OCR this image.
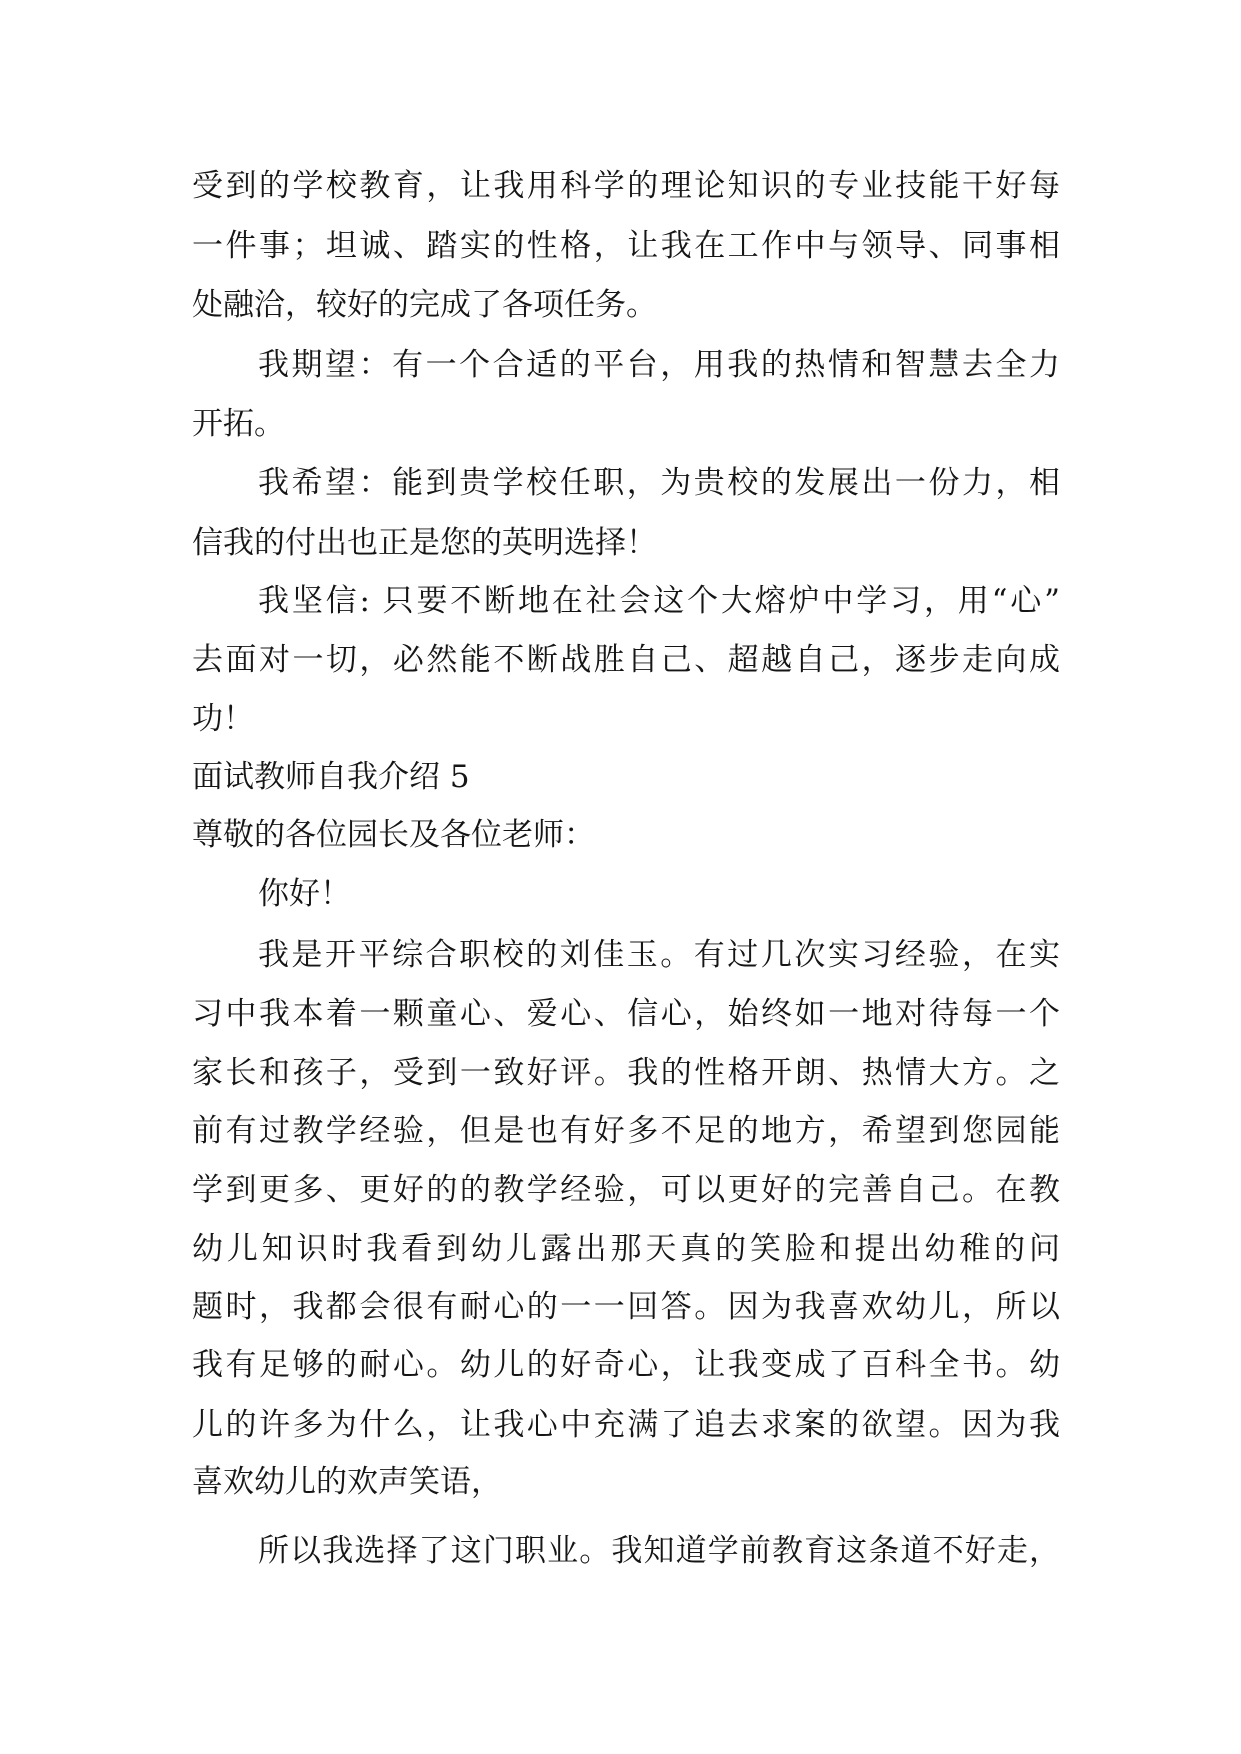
受到的学校教育，让我用科学的理论知识的专业技能干好每
一件事；坦诚、踏实的性格，让我在工作中与领导、同事相
处融洽，较好的完成了各项任务。
我期望：有一个合适的平台，用我的热情和智慧去全力
开拓。
我希望：能到贵学校任职，为贵校的发展出一份力，相
信我的付出也正是您的英明选择！
我坚信: 只要不断地在社会这个大熔炉中学习，用“心”
去面对一切，必然能不断战胜自己、超越自己，逐步走向成
功！
面试教师自我介绍 5
尊敬的各位园长及各位老师：
你好！
我是开平综合职校的刘佳玉。有过几次实习经验，在实
习中我本着一颗童心、爱心、信心，始终如一地对待每一个
家长和孩子，受到一致好评。我的性格开朗、热情大方。之
前有过教学经验，但是也有好多不足的地方，希望到您园能
学到更多、更好的的教学经验，可以更好的完善自己。在教
幼儿知识时我看到幼儿露出那天真的笑脸和提出幼稚的问
题时，我都会很有耐心的一一回答。因为我喜欢幼儿，所以
我有足够的耐心。幼儿的好奇心，让我变成了百科全书。幼
儿的许多为什么，让我心中充满了追去求案的欲望。因为我
喜欢幼儿的欢声笑语，
所以我选择了这门职业。我知道学前教育这条道不好走，
